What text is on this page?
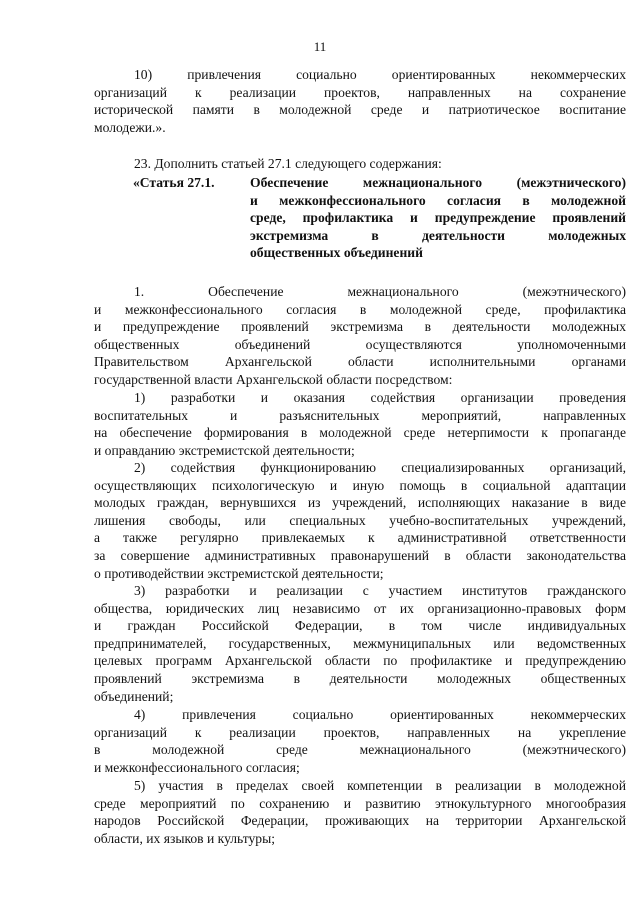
11
10) привлечения социально ориентированных некоммерческих
организаций к реализации проектов, направленных на сохранение
исторической памяти в молодежной среде и патриотическое воспитание
молодежи.».
23. Дополнить статьей 27.1 следующего содержания:
«Статья 27.1.	Обеспечение межнационального (межэтнического)
и межконфессионального согласия в молодежной
среде, профилактика и предупреждение проявлений
экстремизма в деятельности молодежных
общественных объединений
1. Обеспечение межнационального (межэтнического)
и межконфессионального согласия в молодежной среде, профилактика
и предупреждение проявлений экстремизма в деятельности молодежных
общественных объединений осуществляются уполномоченными
Правительством Архангельской области исполнительными органами
государственной власти Архангельской области посредством:
1) разработки и оказания содействия организации проведения
воспитательных и разъяснительных мероприятий, направленных
на обеспечение формирования в молодежной среде нетерпимости к пропаганде
и оправданию экстремистской деятельности;
2) содействия функционированию специализированных организаций,
осуществляющих психологическую и иную помощь в социальной адаптации
молодых граждан, вернувшихся из учреждений, исполняющих наказание в виде
лишения свободы, или специальных учебно-воспитательных учреждений,
а также регулярно привлекаемых к административной ответственности
за совершение административных правонарушений в области законодательства
о противодействии экстремистской деятельности;
3) разработки и реализации с участием институтов гражданского
общества, юридических лиц независимо от их организационно-правовых форм
и граждан Российской Федерации, в том числе индивидуальных
предпринимателей, государственных, межмуниципальных или ведомственных
целевых программ Архангельской области по профилактике и предупреждению
проявлений экстремизма в деятельности молодежных общественных
объединений;
4) привлечения социально ориентированных некоммерческих
организаций к реализации проектов, направленных на укрепление
в молодежной среде межнационального (межэтнического)
и межконфессионального согласия;
5) участия в пределах своей компетенции в реализации в молодежной
среде мероприятий по сохранению и развитию этнокультурного многообразия
народов Российской Федерации, проживающих на территории Архангельской
области, их языков и культуры;
